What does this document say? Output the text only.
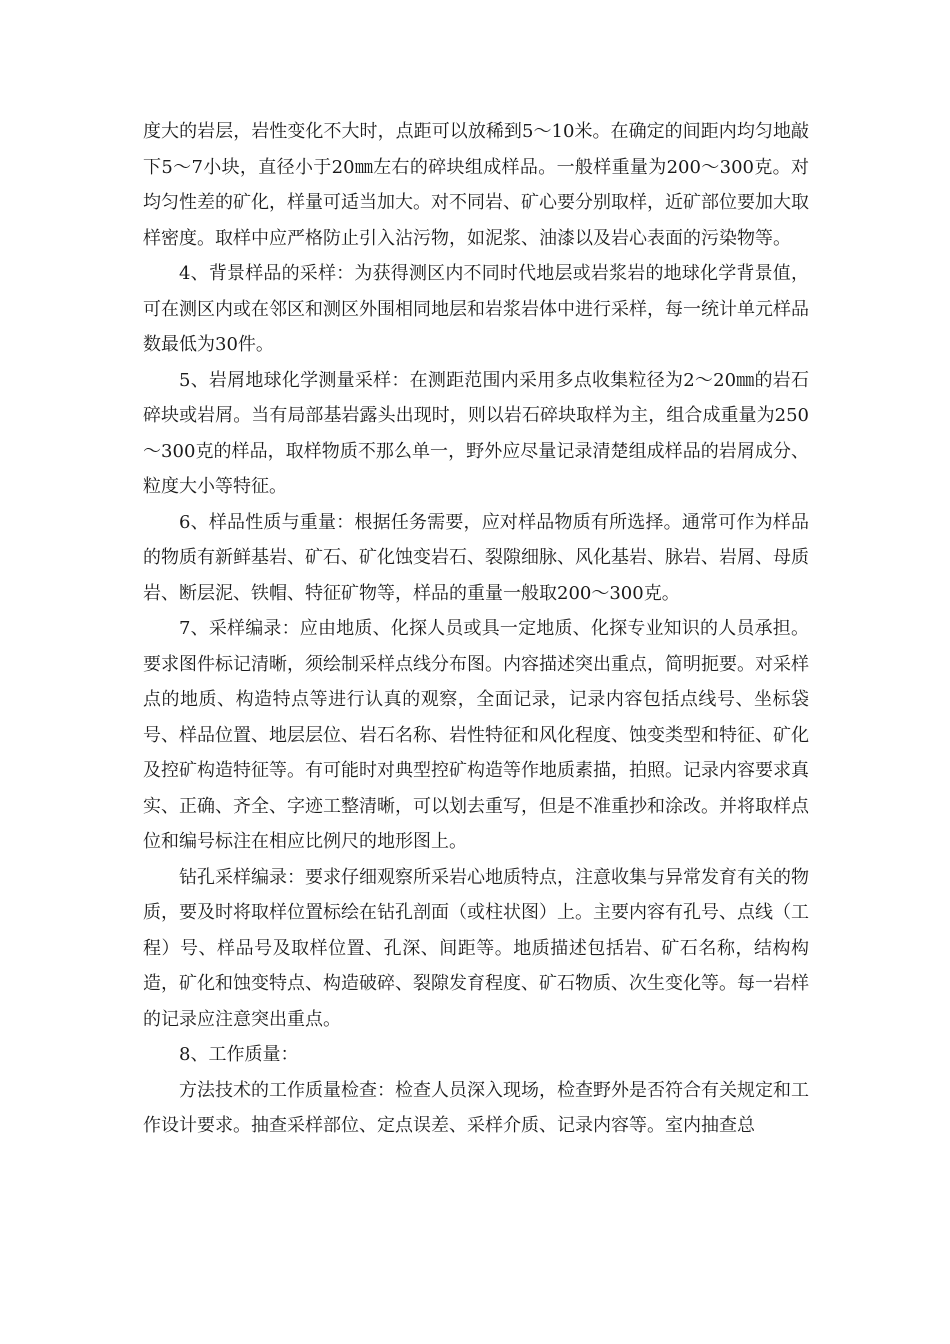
度大的岩层，岩性变化不大时，点距可以放稀到5～10米。在确定的间距内均匀地敲下5～7小块，直径小于20㎜左右的碎块组成样品。一般样重量为200～300克。对均匀性差的矿化，样量可适当加大。对不同岩、矿心要分别取样，近矿部位要加大取样密度。取样中应严格防止引入沾污物，如泥浆、油漆以及岩心表面的污染物等。

4、背景样品的采样：为获得测区内不同时代地层或岩浆岩的地球化学背景值，可在测区内或在邻区和测区外围相同地层和岩浆岩体中进行采样，每一统计单元样品数最低为30件。

5、岩屑地球化学测量采样：在测距范围内采用多点收集粒径为2～20㎜的岩石碎块或岩屑。当有局部基岩露头出现时，则以岩石碎块取样为主，组合成重量为250～300克的样品，取样物质不那么单一，野外应尽量记录清楚组成样品的岩屑成分、粒度大小等特征。

6、样品性质与重量：根据任务需要，应对样品物质有所选择。通常可作为样品的物质有新鲜基岩、矿石、矿化蚀变岩石、裂隙细脉、风化基岩、脉岩、岩屑、母质岩、断层泥、铁帽、特征矿物等，样品的重量一般取200～300克。

7、采样编录：应由地质、化探人员或具一定地质、化探专业知识的人员承担。要求图件标记清晰，须绘制采样点线分布图。内容描述突出重点，简明扼要。对采样点的地质、构造特点等进行认真的观察，全面记录，记录内容包括点线号、坐标袋号、样品位置、地层层位、岩石名称、岩性特征和风化程度、蚀变类型和特征、矿化及控矿构造特征等。有可能时对典型控矿构造等作地质素描，拍照。记录内容要求真实、正确、齐全、字迹工整清晰，可以划去重写，但是不准重抄和涂改。并将取样点位和编号标注在相应比例尺的地形图上。

钻孔采样编录：要求仔细观察所采岩心地质特点，注意收集与异常发育有关的物质，要及时将取样位置标绘在钻孔剖面（或柱状图）上。主要内容有孔号、点线（工程）号、样品号及取样位置、孔深、间距等。地质描述包括岩、矿石名称，结构构造，矿化和蚀变特点、构造破碎、裂隙发育程度、矿石物质、次生变化等。每一岩样的记录应注意突出重点。

8、工作质量：

方法技术的工作质量检查：检查人员深入现场，检查野外是否符合有关规定和工作设计要求。抽查采样部位、定点误差、采样介质、记录内容等。室内抽查总
